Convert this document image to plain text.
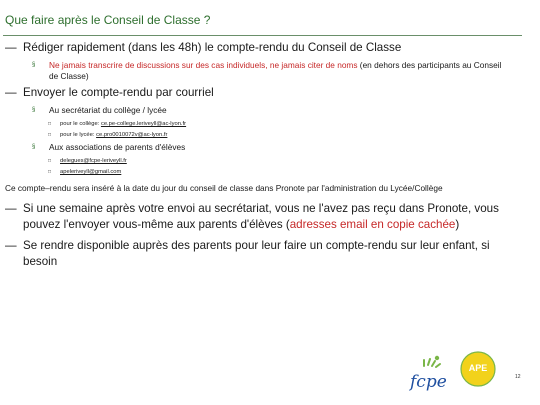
Que faire après le Conseil de Classe ?
— Rédiger rapidement (dans les 48h) le compte-rendu du Conseil de Classe
§ Ne jamais transcrire de discussions sur des cas individuels, ne jamais citer de noms (en dehors des participants au Conseil de Classe)
— Envoyer le compte-rendu par courriel
§ Au secrétariat du collège / lycée
□ pour le collège: ce.pe-college.leriveyll@ac-lyon.fr
□ pour le lycée: ce.pro0010072v@ac-lyon.fr
§ Aux associations de parents d'élèves
□ delegues@fcpe-leriveyll.fr
□ apeleriveyll@gmail.com
Ce compte–rendu sera inséré à la date du jour du conseil de classe dans Pronote par l'administration du Lycée/Collège
— Si une semaine après votre envoi au secrétariat, vous ne l'avez pas reçu dans Pronote, vous pouvez l'envoyer vous-même aux parents d'élèves (adresses email en copie cachée)
— Se rendre disponible auprès des parents pour leur faire un compte-rendu sur leur enfant, si besoin
fcpe
APE
12
